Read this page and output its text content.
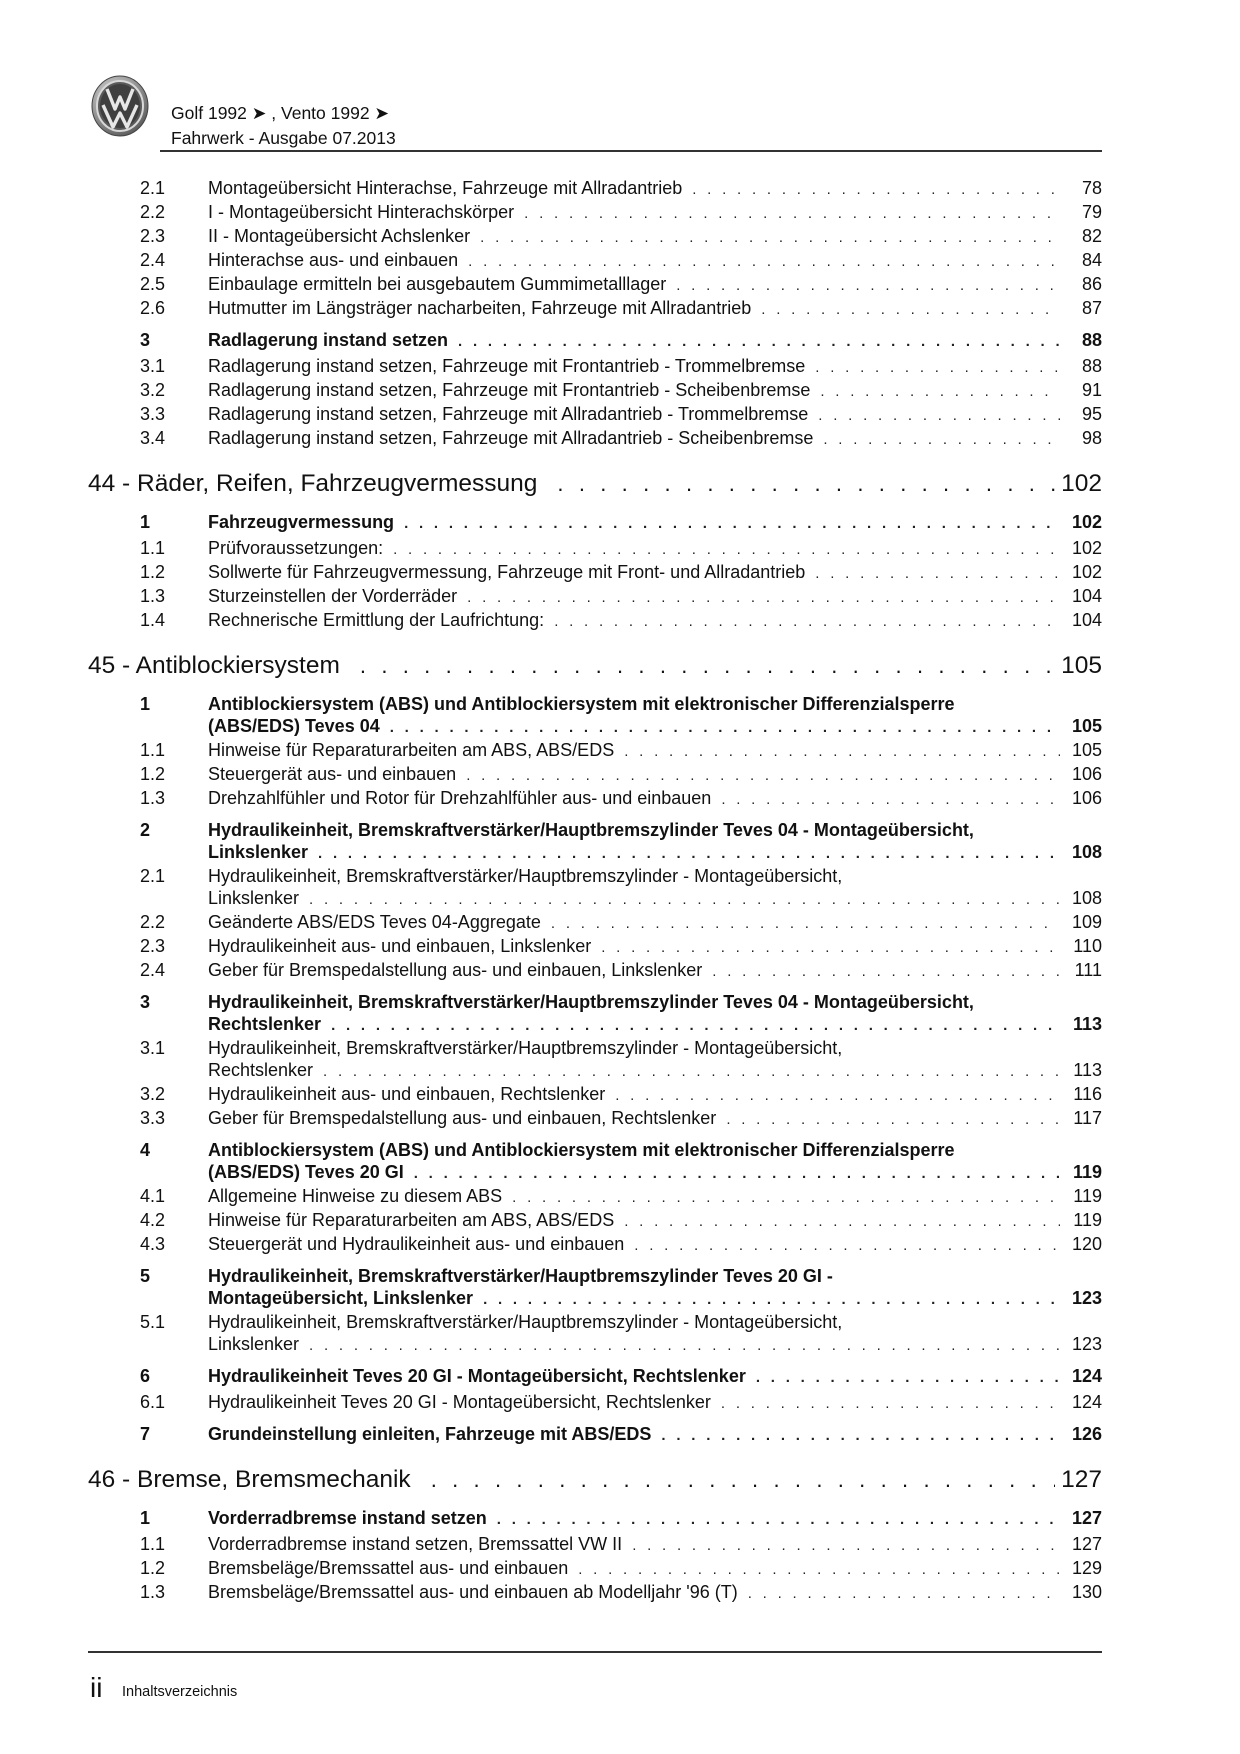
Golf 1992 ➤ , Vento 1992 ➤
Fahrwerk - Ausgabe 07.2013
2.1 Montageübersicht Hinterachse, Fahrzeuge mit Allradantrieb . . .	78
2.2 I - Montageübersicht Hinterachskörper . . .	79
2.3 II - Montageübersicht Achslenker . . .	82
2.4 Hinterachse aus- und einbauen . . .	84
2.5 Einbaulage ermitteln bei ausgebautem Gummimetalllager . . .	86
2.6 Hutmutter im Längsträger nacharbeiten, Fahrzeuge mit Allradantrieb . . .	87
3	Radlagerung instand setzen . . .	88
3.1 Radlagerung instand setzen, Fahrzeuge mit Frontantrieb - Trommelbremse . . .	88
3.2 Radlagerung instand setzen, Fahrzeuge mit Frontantrieb - Scheibenbremse . . .	91
3.3 Radlagerung instand setzen, Fahrzeuge mit Allradantrieb - Trommelbremse . . .	95
3.4 Radlagerung instand setzen, Fahrzeuge mit Allradantrieb - Scheibenbremse . . .	98
44 - Räder, Reifen, Fahrzeugvermessung . . .	102
1	Fahrzeugvermessung . . .	102
1.1 Prüfvoraussetzungen: . . .	102
1.2 Sollwerte für Fahrzeugvermessung, Fahrzeuge mit Front- und Allradantrieb . . .	102
1.3 Sturzeinstellen der Vorderräder . . .	104
1.4 Rechnerische Ermittlung der Laufrichtung: . . .	104
45 - Antiblockiersystem . . .	105
1	Antiblockiersystem (ABS) und Antiblockiersystem mit elektronischer Differenzialsperre
(ABS/EDS) Teves 04 . . .	105
1.1 Hinweise für Reparaturarbeiten am ABS, ABS/EDS . . .	105
1.2 Steuergerät aus- und einbauen . . .	106
1.3 Drehzahlfühler und Rotor für Drehzahlfühler aus- und einbauen . . .	106
2	Hydraulikeinheit, Bremskraftverstärker/Hauptbremszylinder Teves 04 - Montageübersicht,
Linkslenker . . .	108
2.1 Hydraulikeinheit, Bremskraftverstärker/Hauptbremszylinder - Montageübersicht,
Linkslenker . . .	108
2.2 Geänderte ABS/EDS Teves 04-Aggregate . . .	109
2.3 Hydraulikeinheit aus- und einbauen, Linkslenker . . .	110
2.4 Geber für Bremspedalstellung aus- und einbauen, Linkslenker . . .	111
3	Hydraulikeinheit, Bremskraftverstärker/Hauptbremszylinder Teves 04 - Montageübersicht,
Rechtslenker . . .	113
3.1 Hydraulikeinheit, Bremskraftverstärker/Hauptbremszylinder - Montageübersicht,
Rechtslenker . . .	113
3.2 Hydraulikeinheit aus- und einbauen, Rechtslenker . . .	116
3.3 Geber für Bremspedalstellung aus- und einbauen, Rechtslenker . . .	117
4	Antiblockiersystem (ABS) und Antiblockiersystem mit elektronischer Differenzialsperre
(ABS/EDS) Teves 20 GI . . .	119
4.1 Allgemeine Hinweise zu diesem ABS . . .	119
4.2 Hinweise für Reparaturarbeiten am ABS, ABS/EDS . . .	119
4.3 Steuergerät und Hydraulikeinheit aus- und einbauen . . .	120
5	Hydraulikeinheit, Bremskraftverstärker/Hauptbremszylinder Teves 20 GI -
Montageübersicht, Linkslenker . . .	123
5.1 Hydraulikeinheit, Bremskraftverstärker/Hauptbremszylinder - Montageübersicht,
Linkslenker . . .	123
6	Hydraulikeinheit Teves 20 GI - Montageübersicht, Rechtslenker . . .	124
6.1 Hydraulikeinheit Teves 20 GI - Montageübersicht, Rechtslenker . . .	124
7	Grundeinstellung einleiten, Fahrzeuge mit ABS/EDS . . .	126
46 - Bremse, Bremsmechanik . . .	127
1	Vorderradbremse instand setzen . . .	127
1.1 Vorderradbremse instand setzen, Bremssattel VW II . . .	127
1.2 Bremsbeläge/Bremssattel aus- und einbauen . . .	129
1.3 Bremsbeläge/Bremssattel aus- und einbauen ab Modelljahr '96 (T) . . .	130
ii Inhaltsverzeichnis
